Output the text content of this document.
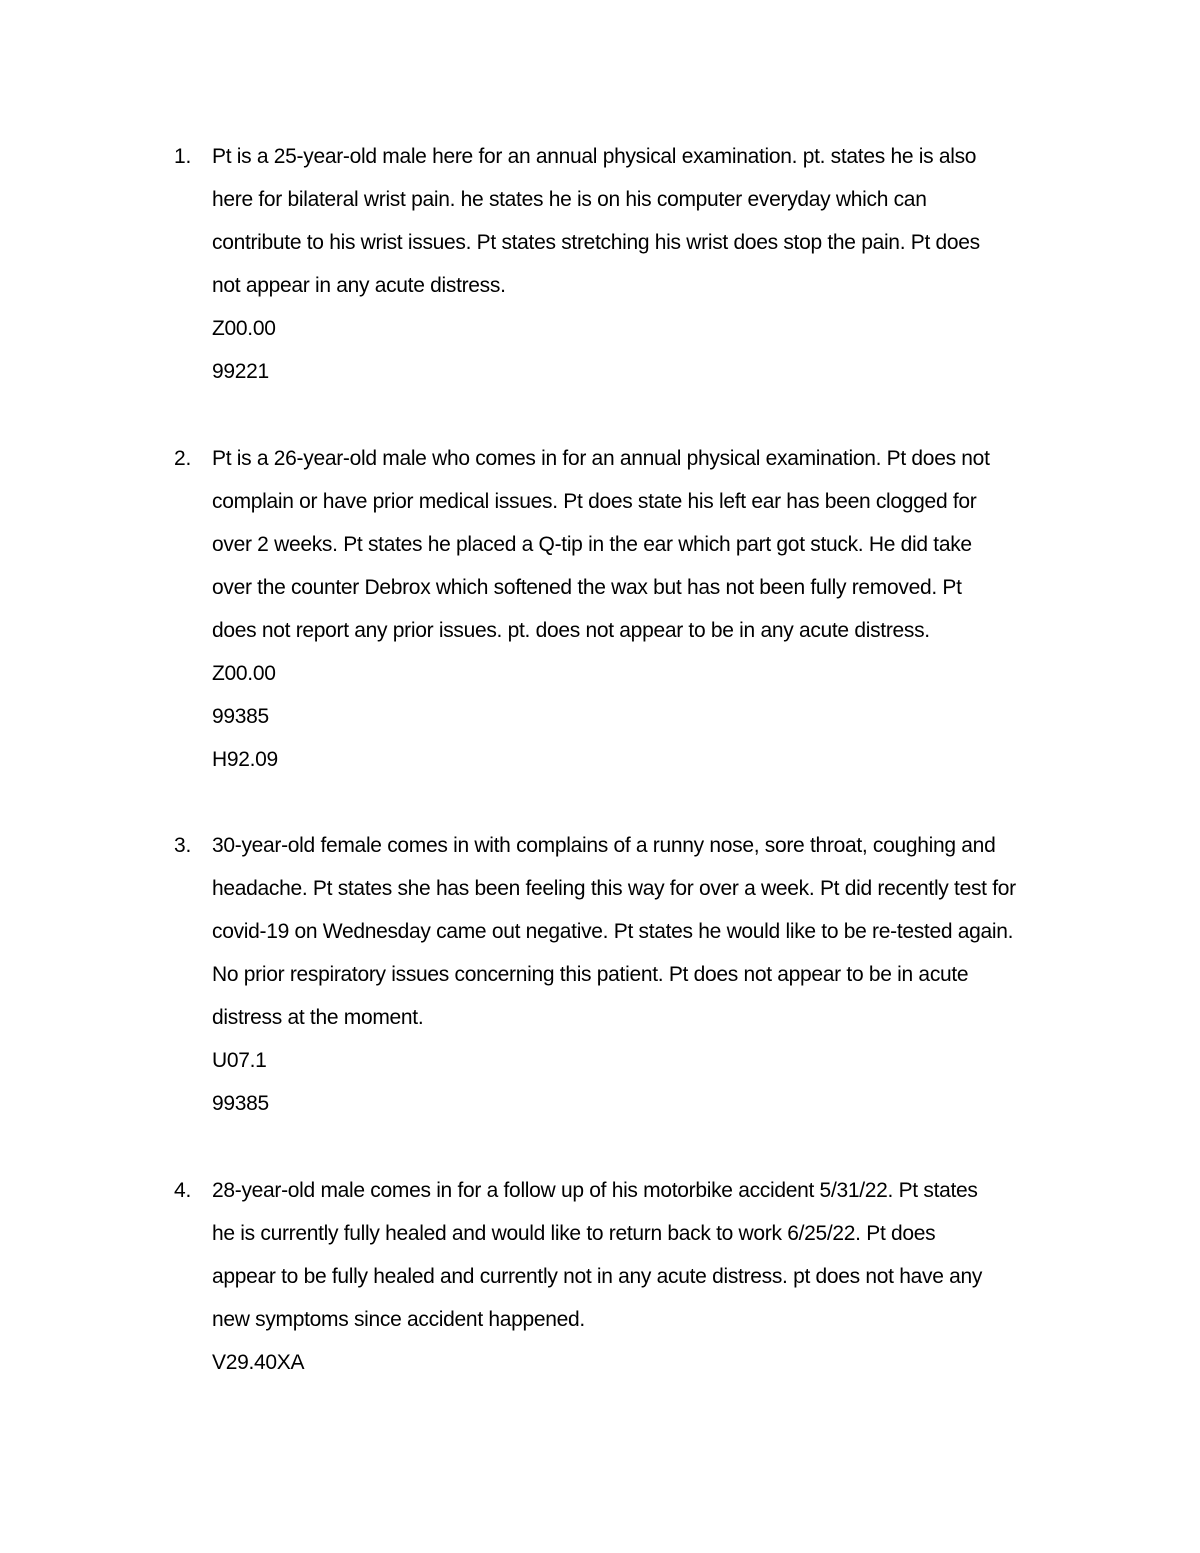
1. Pt is a 25-year-old male here for an annual physical examination. pt. states he is also
here for bilateral wrist pain. he states he is on his computer everyday which can
contribute to his wrist issues. Pt states stretching his wrist does stop the pain. Pt does
not appear in any acute distress.
Z00.00
99221
2. Pt is a 26-year-old male who comes in for an annual physical examination. Pt does not
complain or have prior medical issues. Pt does state his left ear has been clogged for
over 2 weeks. Pt states he placed a Q-tip in the ear which part got stuck. He did take
over the counter Debrox which softened the wax but has not been fully removed. Pt
does not report any prior issues. pt. does not appear to be in any acute distress.
Z00.00
99385
H92.09
3. 30-year-old female comes in with complains of a runny nose, sore throat, coughing and
headache. Pt states she has been feeling this way for over a week. Pt did recently test for
covid-19 on Wednesday came out negative. Pt states he would like to be re-tested again.
No prior respiratory issues concerning this patient. Pt does not appear to be in acute
distress at the moment.
U07.1
99385
4. 28-year-old male comes in for a follow up of his motorbike accident 5/31/22. Pt states
he is currently fully healed and would like to return back to work 6/25/22. Pt does
appear to be fully healed and currently not in any acute distress. pt does not have any
new symptoms since accident happened.
V29.40XA
